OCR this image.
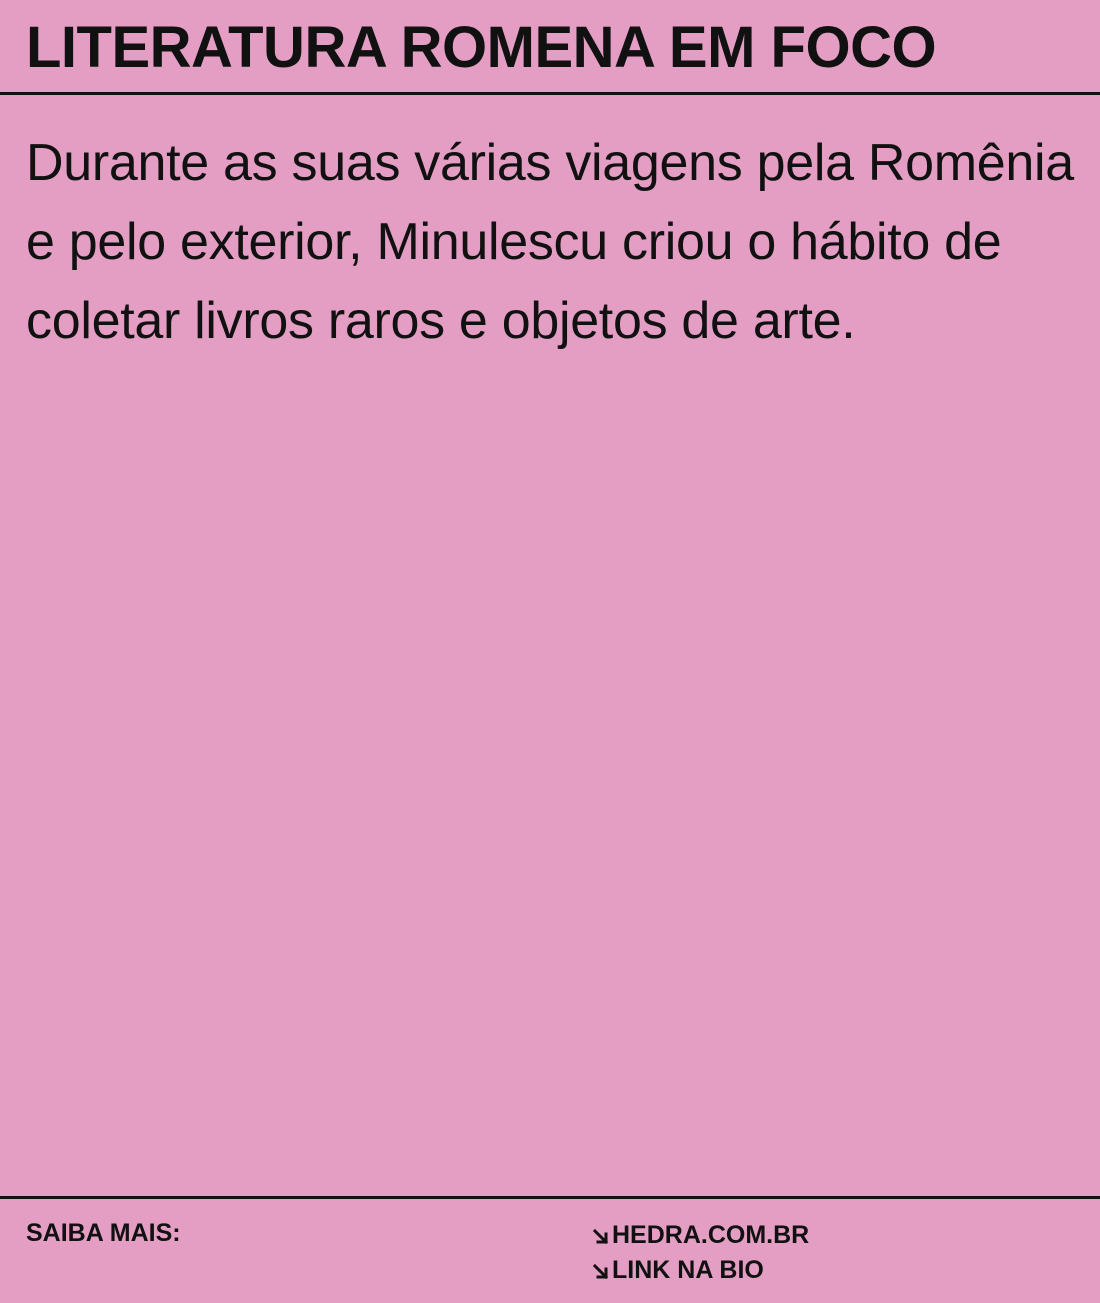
LITERATURA ROMENA EM FOCO

Durante as suas várias viagens pela Romênia e pelo exterior, Minulescu criou o hábito de coletar livros raros e objetos de arte.

SAIBA MAIS:	HEDRA.COM.BR
LINK NA BIO
